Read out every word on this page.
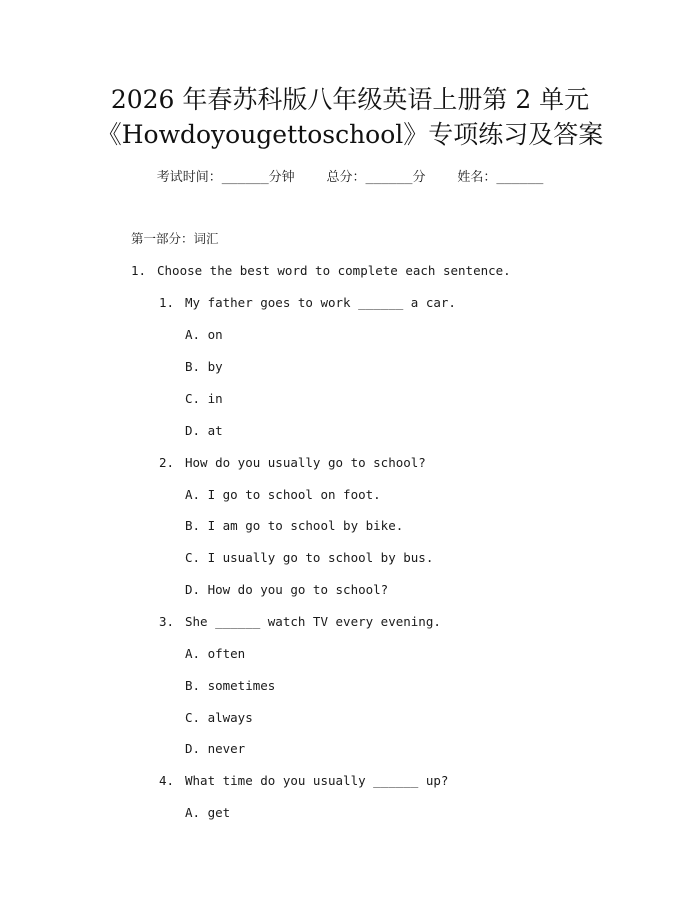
2026 年春苏科版八年级英语上册第 2 单元
《Howdoyougettoschool》专项练习及答案
考试时间：______分钟 总分：______分 姓名：______
第一部分：词汇
1. Choose the best word to complete each sentence.
1. My father goes to work ______ a car.
A. on
B. by
C. in
D. at
2. How do you usually go to school?
A. I go to school on foot.
B. I am go to school by bike.
C. I usually go to school by bus.
D. How do you go to school?
3. She ______ watch TV every evening.
A. often
B. sometimes
C. always
D. never
4. What time do you usually ______ up?
A. get
